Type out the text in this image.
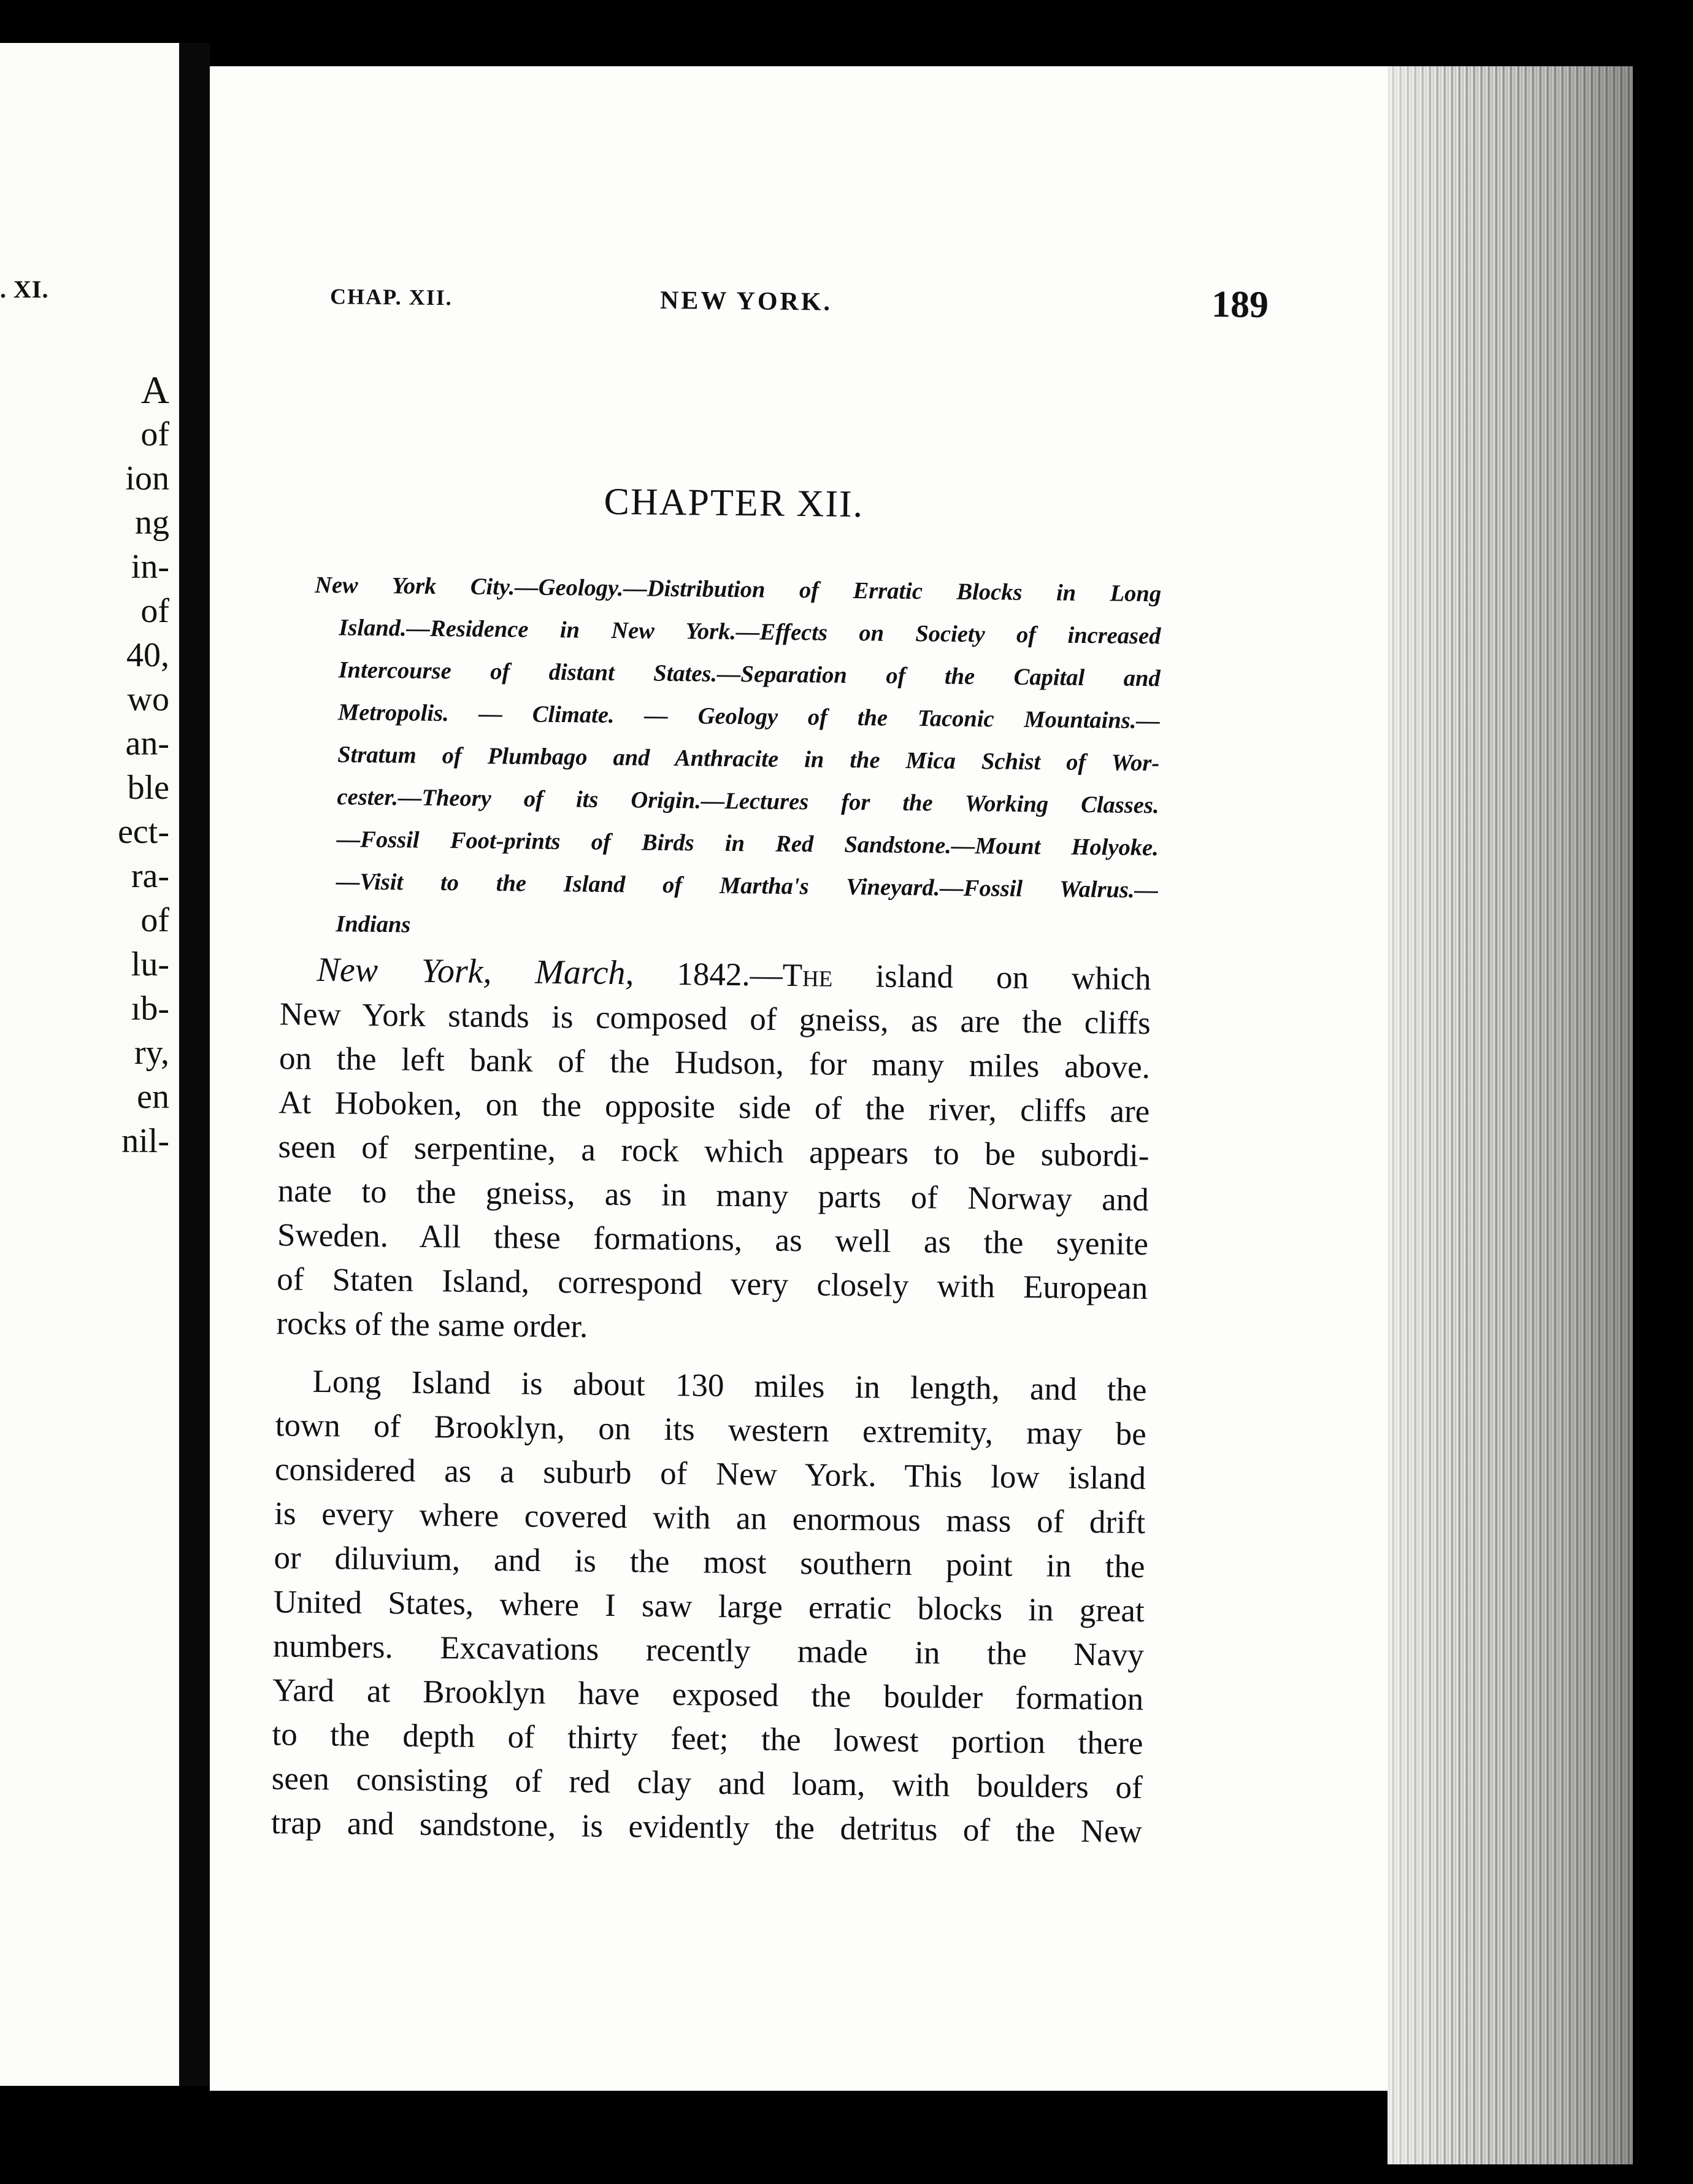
. XI.
A
of
ion
ng
in-
of
40,
wo
an-
ble
ect-
ra-
of
lu-
ıb-
ry,
en
nil-
CHAP. XII.	NEW YORK.	189
CHAPTER XII.
New York City.—Geology.—Distribution of Erratic Blocks in Long
Island.—Residence in New York.—Effects on Society of increased
Intercourse of distant States.—Separation of the Capital and
Metropolis. — Climate. — Geology of the Taconic Mountains.—
Stratum of Plumbago and Anthracite in the Mica Schist of Wor-
cester.—Theory of its Origin.—Lectures for the Working Classes.
—Fossil Foot-prints of Birds in Red Sandstone.—Mount Holyoke.
—Visit to the Island of Martha's Vineyard.—Fossil Walrus.—
Indians
New York, March, 1842.—The island on which
New York stands is composed of gneiss, as are the cliffs
on the left bank of the Hudson, for many miles above.
At Hoboken, on the opposite side of the river, cliffs are
seen of serpentine, a rock which appears to be subordi-
nate to the gneiss, as in many parts of Norway and
Sweden. All these formations, as well as the syenite
of Staten Island, correspond very closely with European
rocks of the same order.
Long Island is about 130 miles in length, and the
town of Brooklyn, on its western extremity, may be
considered as a suburb of New York. This low island
is every where covered with an enormous mass of drift
or diluvium, and is the most southern point in the
United States, where I saw large erratic blocks in great
numbers. Excavations recently made in the Navy
Yard at Brooklyn have exposed the boulder formation
to the depth of thirty feet; the lowest portion there
seen consisting of red clay and loam, with boulders of
trap and sandstone, is evidently the detritus of the New
